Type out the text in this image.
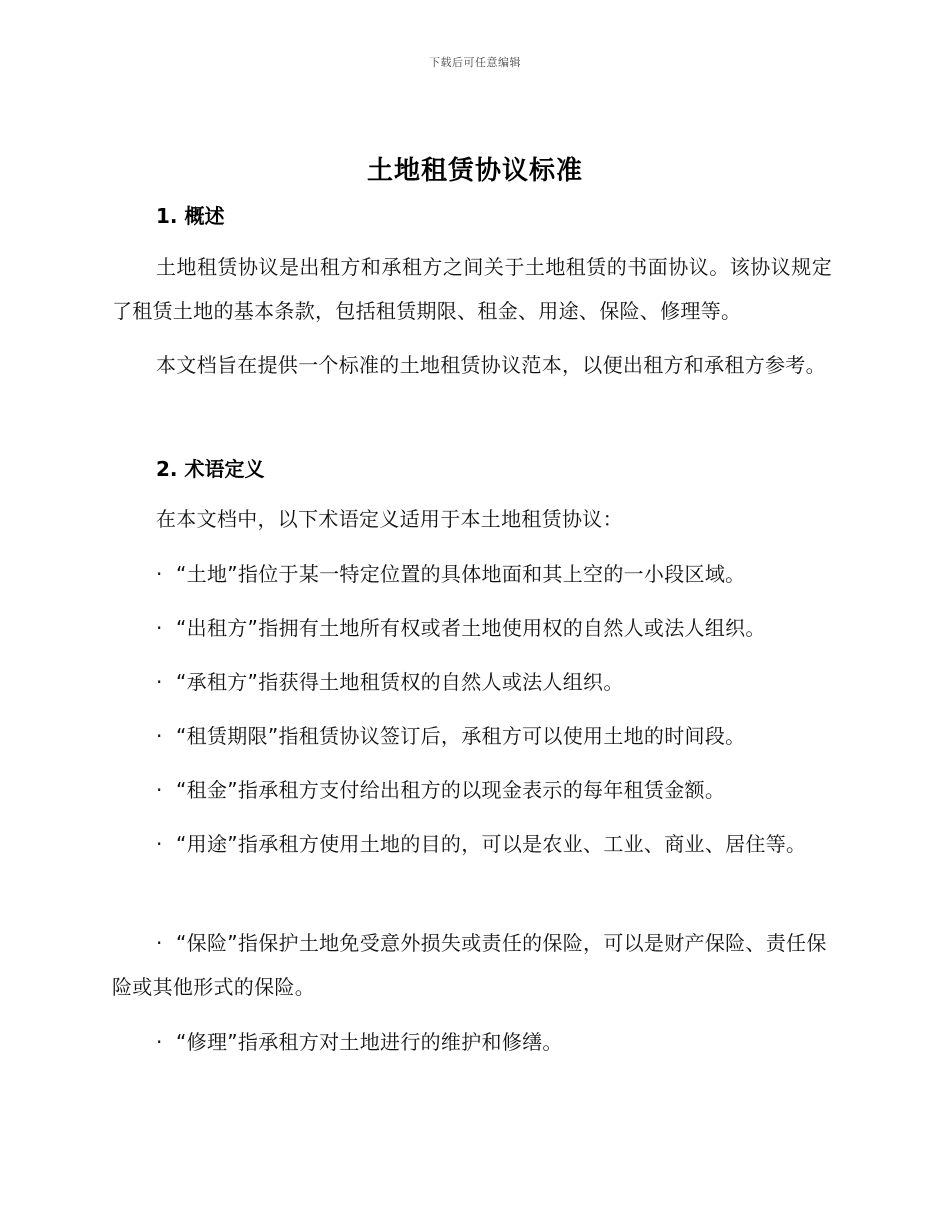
下载后可任意编辑
土地租赁协议标准
1. 概述
土地租赁协议是出租方和承租方之间关于土地租赁的书面协议。该协议规定了租赁土地的基本条款，包括租赁期限、租金、用途、保险、修理等。
本文档旨在提供一个标准的土地租赁协议范本，以便出租方和承租方参考。
2. 术语定义
在本文档中，以下术语定义适用于本土地租赁协议：
· “土地”指位于某一特定位置的具体地面和其上空的一小段区域。
· “出租方”指拥有土地所有权或者土地使用权的自然人或法人组织。
· “承租方”指获得土地租赁权的自然人或法人组织。
· “租赁期限”指租赁协议签订后，承租方可以使用土地的时间段。
· “租金”指承租方支付给出租方的以现金表示的每年租赁金额。
· “用途”指承租方使用土地的目的，可以是农业、工业、商业、居住等。
· “保险”指保护土地免受意外损失或责任的保险，可以是财产保险、责任保险或其他形式的保险。
· “修理”指承租方对土地进行的维护和修缮。
